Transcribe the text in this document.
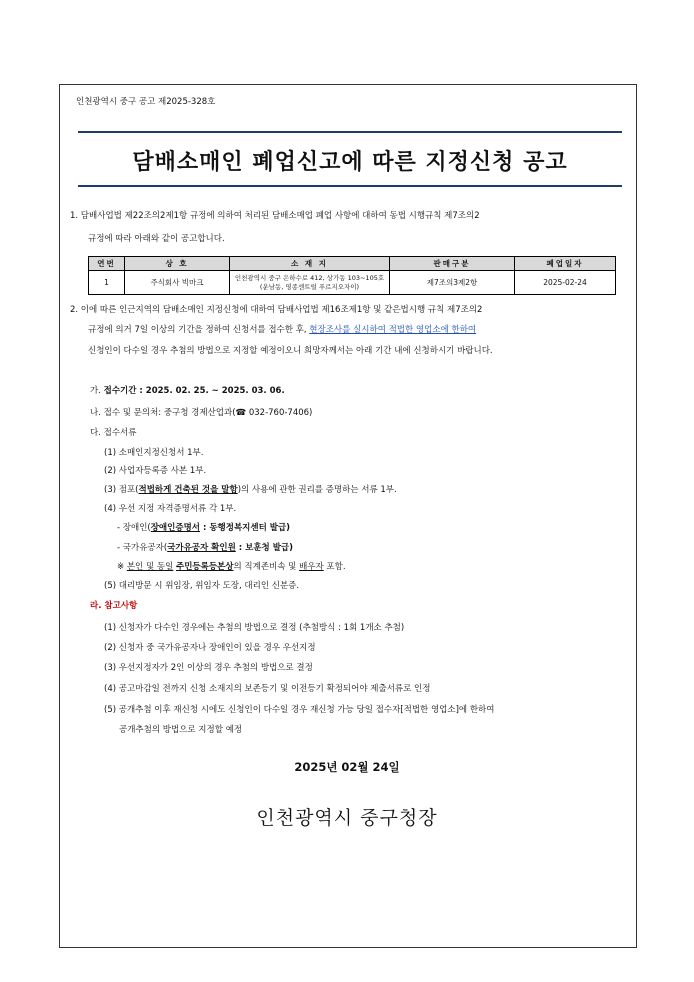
인천광역시 중구 공고 제2025-328호
담배소매인 폐업신고에 따른 지정신청 공고
1. 담배사업법 제22조의2제1항 규정에 의하여 처리된 담배소매업 폐업 사항에 대하여 동법 시행규칙 제7조의2
규정에 따라 아래와 같이 공고합니다.
연번	상 호	소 재 지	판매구분	폐업일자
1	주식회사 빅마크	인천광역시 중구 은하수로 412, 상가동 103~105호
(운남동, 영종센트럴 푸르지오자이)	제7조의3제2항	2025-02-24
2. 이에 따른 인근지역의 담배소매인 지정신청에 대하여 담배사업법 제16조제1항 및 같은법시행 규칙 제7조의2
규정에 의거 7일 이상의 기간을 정하여 신청서를 접수한 후, 현장조사를 실시하여 적법한 영업소에 한하여
신청인이 다수일 경우 추첨의 방법으로 지정할 예정이오니 희망자께서는 아래 기간 내에 신청하시기 바랍니다.
가. 접수기간 : 2025. 02. 25. ~ 2025. 03. 06.
나. 접수 및 문의처: 중구청 경제산업과(☎ 032-760-7406)
다. 접수서류
(1) 소매인지정신청서 1부.
(2) 사업자등록증 사본 1부.
(3) 점포(적법하게 건축된 것을 말함)의 사용에 관한 권리를 증명하는 서류 1부.
(4) 우선 지정 자격증명서류 각 1부.
- 장애인(장애인증명서 : 동행정복지센터 발급)
- 국가유공자(국가유공자 확인원 : 보훈청 발급)
※ 본인 및 동일 주민등록등본상의 직계존비속 및 배우자 포함.
(5) 대리방문 시 위임장, 위임자 도장, 대리인 신분증.
라. 참고사항
(1) 신청자가 다수인 경우에는 추첨의 방법으로 결정 (추첨방식 : 1회 1개소 추첨)
(2) 신청자 중 국가유공자나 장애인이 있을 경우 우선지정
(3) 우선지정자가 2인 이상의 경우 추첨의 방법으로 결정
(4) 공고마감일 전까지 신청 소재지의 보존등기 및 이전등기 확정되어야 제출서류로 인정
(5) 공개추첨 이후 재신청 시에도 신청인이 다수일 경우 재신청 가능 당일 접수자[적법한 영업소]에 한하여
공개추첨의 방법으로 지정할 예정
2025년 02월 24일
인천광역시 중구청장
